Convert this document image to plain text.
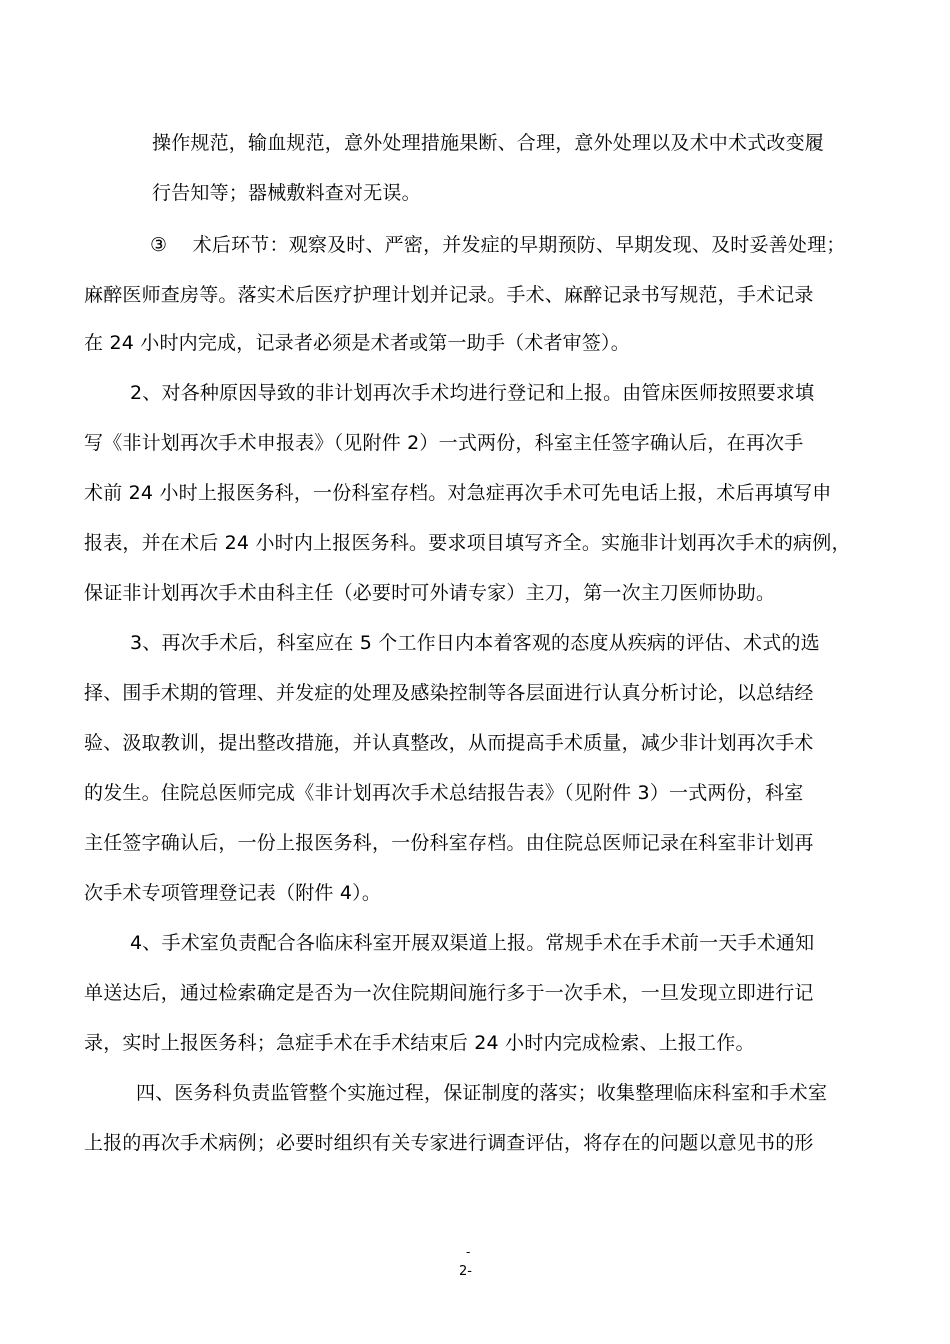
操作规范，输血规范，意外处理措施果断、合理，意外处理以及术中术式改变履
行告知等；器械敷料查对无误。
③　 术后环节：观察及时、严密，并发症的早期预防、早期发现、及时妥善处理；
麻醉医师查房等。落实术后医疗护理计划并记录。手术、麻醉记录书写规范，手术记录
在 24 小时内完成，记录者必须是术者或第一助手（术者审签）。
2、对各种原因导致的非计划再次手术均进行登记和上报。由管床医师按照要求填
写《非计划再次手术申报表》（见附件 2）一式两份，科室主任签字确认后，在再次手
术前 24 小时上报医务科，一份科室存档。对急症再次手术可先电话上报，术后再填写申
报表，并在术后 24 小时内上报医务科。要求项目填写齐全。实施非计划再次手术的病例，
保证非计划再次手术由科主任（必要时可外请专家）主刀，第一次主刀医师协助。
3、再次手术后，科室应在 5 个工作日内本着客观的态度从疾病的评估、术式的选
择、围手术期的管理、并发症的处理及感染控制等各层面进行认真分析讨论，以总结经
验、汲取教训，提出整改措施，并认真整改，从而提高手术质量，减少非计划再次手术
的发生。住院总医师完成《非计划再次手术总结报告表》（见附件 3）一式两份，科室
主任签字确认后，一份上报医务科，一份科室存档。由住院总医师记录在科室非计划再
次手术专项管理登记表（附件 4）。
4、手术室负责配合各临床科室开展双渠道上报。常规手术在手术前一天手术通知
单送达后，通过检索确定是否为一次住院期间施行多于一次手术，一旦发现立即进行记
录，实时上报医务科；急症手术在手术结束后 24 小时内完成检索、上报工作。
四、医务科负责监管整个实施过程，保证制度的落实；收集整理临床科室和手术室
上报的再次手术病例；必要时组织有关专家进行调查评估，将存在的问题以意见书的形
-
2-
